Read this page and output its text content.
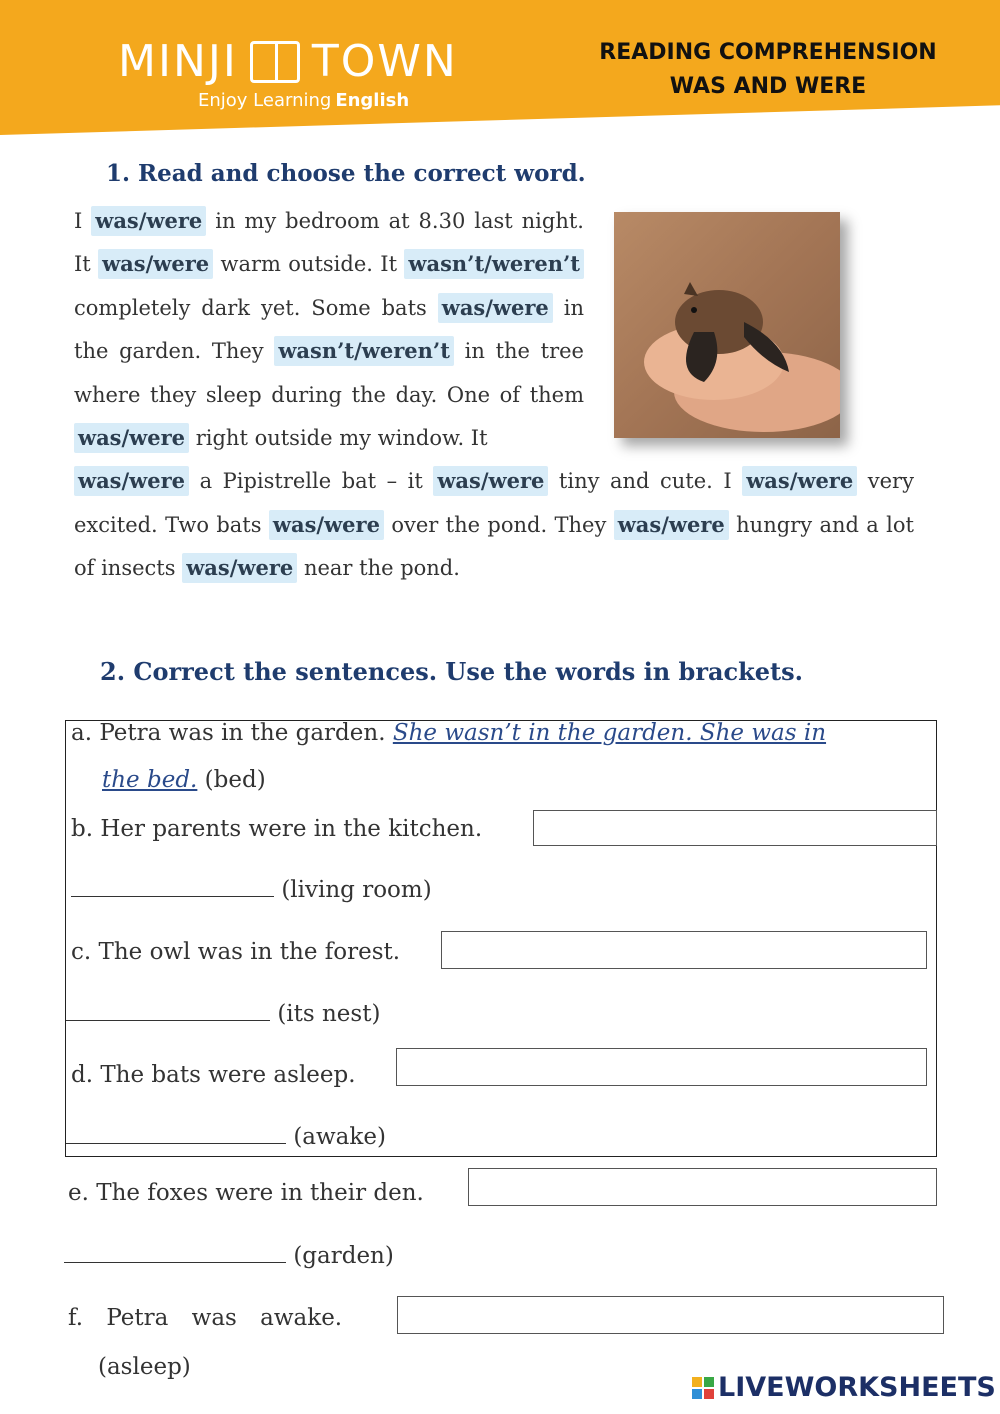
MINJI TOWN
Enjoy Learning English
READING COMPREHENSION
WAS AND WERE
1. Read and choose the correct word.
I was/were in my bedroom at 8.30 last night. It was/were warm outside. It wasn’t/weren’t completely dark yet. Some bats was/were in the garden. They wasn’t/weren’t in the tree where they sleep during the day. One of them was/were right outside my window. It
was/were a Pipistrelle bat – it was/were tiny and cute. I was/were very excited. Two bats was/were over the pond. They was/were hungry and a lot of insects was/were near the pond.
2. Correct the sentences. Use the words in brackets.
a. Petra was in the garden. She wasn’t in the garden. She was in
the bed. (bed)
b. Her parents were in the kitchen.
(living room)
c. The owl was in the forest.
(its nest)
d. The bats were asleep.
(awake)
e. The foxes were in their den.
(garden)
f. Petra was awake.
(asleep)
LIVEWORKSHEETS
